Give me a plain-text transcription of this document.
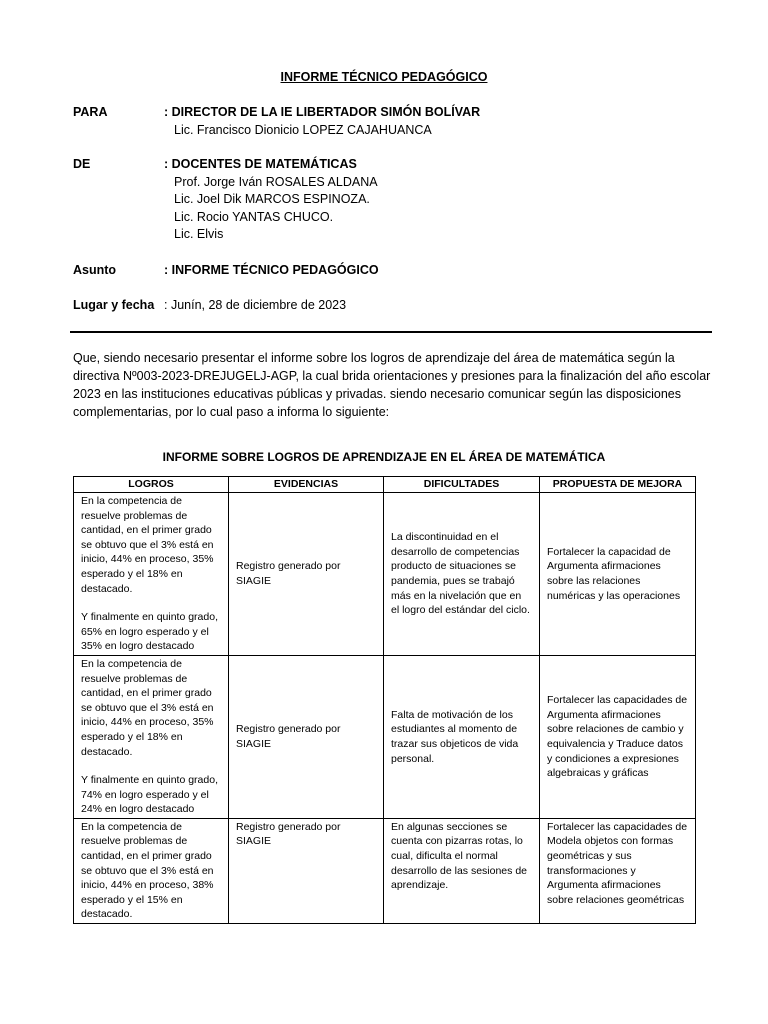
INFORME TÉCNICO PEDAGÓGICO
PARA	: DIRECTOR DE LA IE LIBERTADOR SIMÓN BOLÍVAR
Lic. Francisco Dionicio LOPEZ CAJAHUANCA
DE	: DOCENTES DE MATEMÁTICAS
Prof. Jorge Iván ROSALES ALDANA
Lic. Joel Dik MARCOS ESPINOZA.
Lic. Rocio YANTAS CHUCO.
Lic. Elvis
Asunto	: INFORME TÉCNICO PEDAGÓGICO
Lugar y fecha : Junín, 28 de diciembre de 2023
Que, siendo necesario presentar el informe sobre los logros de aprendizaje del área de matemática según la directiva Nº003-2023-DREJUGELJ-AGP, la cual brida orientaciones y presiones para la finalización del año escolar 2023 en las instituciones educativas públicas y privadas. siendo necesario comunicar según las disposiciones complementarias, por lo cual paso a informa lo siguiente:
INFORME SOBRE LOGROS DE APRENDIZAJE EN EL ÁREA DE MATEMÁTICA
LOGROS	EVIDENCIAS	DIFICULTADES	PROPUESTA DE MEJORA

En la competencia de resuelve problemas de cantidad, en el primer grado se obtuvo que el 3% está en inicio, 44% en proceso, 35% esperado y el 18% en destacado.
Y finalmente en quinto grado, 65% en logro esperado y el 35% en logro destacado	Registro generado por SIAGIE	La discontinuidad en el desarrollo de competencias producto de situaciones se pandemia, pues se trabajó más en la nivelación que en el logro del estándar del ciclo.	Fortalecer la capacidad de Argumenta afirmaciones sobre las relaciones numéricas y las operaciones

En la competencia de resuelve problemas de cantidad, en el primer grado se obtuvo que el 3% está en inicio, 44% en proceso, 35% esperado y el 18% en destacado.
Y finalmente en quinto grado, 74% en logro esperado y el 24% en logro destacado	Registro generado por SIAGIE	Falta de motivación de los estudiantes al momento de trazar sus objeticos de vida personal.	Fortalecer las capacidades de Argumenta afirmaciones sobre relaciones de cambio y equivalencia y Traduce datos y condiciones a expresiones algebraicas y gráficas
En la competencia de resuelve problemas de cantidad, en el primer grado se obtuvo que el 3% está en inicio, 44% en proceso, 38% esperado y el 15% en destacado.	Registro generado por SIAGIE	En algunas secciones se cuenta con pizarras rotas, lo cual, dificulta el normal desarrollo de las sesiones de aprendizaje.	Fortalecer las capacidades de Modela objetos con formas geométricas y sus transformaciones y Argumenta afirmaciones sobre relaciones geométricas
